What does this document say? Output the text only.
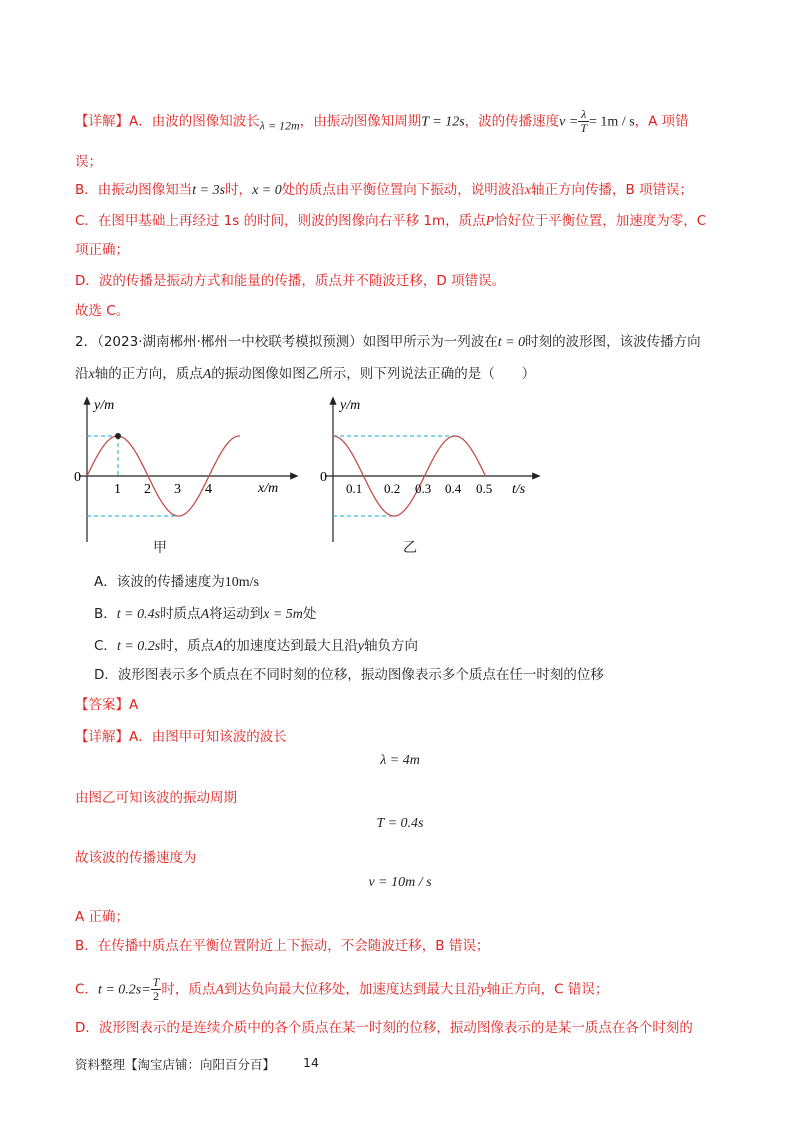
【详解】A．由波的图像知波长λ = 12m，由振动图像知周期T = 12s，波的传播速度$v = \frac{\lambda}{T} = 1m / s$，A 项错
误；
B．由振动图像知当t = 3s时，x = 0处的质点由平衡位置向下振动，说明波沿x轴正方向传播，B 项错误；
C．在图甲基础上再经过 1s 的时间，则波的图像向右平移 1m，质点P恰好位于平衡位置，加速度为零，C
项正确；
D．波的传播是振动方式和能量的传播，质点并不随波迁移，D 项错误。
故选 C。
2．（2023·湖南郴州·郴州一中校联考模拟预测）如图甲所示为一列波在t = 0时刻的波形图，该波传播方向
沿x轴的正方向，质点A的振动图像如图乙所示，则下列说法正确的是（　　）
y/m
0
1 2 3 4	x/m
甲
y/m
0
0.1 0.2 0.3 0.4 0.5 t/s
乙
A．该波的传播速度为10m/s
B．t = 0.4s时质点A将运动到x = 5m处
C．t = 0.2s时，质点A的加速度达到最大且沿y轴负方向
D．波形图表示多个质点在不同时刻的位移，振动图像表示多个质点在任一时刻的位移
【答案】A
【详解】A．由图甲可知该波的波长
λ = 4m
由图乙可知该波的振动周期
T = 0.4s
故该波的传播速度为
v = 10m / s
A 正确；
B．在传播中质点在平衡位置附近上下振动，不会随波迁移，B 错误；
C．$t = 0.2s= \frac{T}{2}$ 时，质点A到达负向最大位移处，加速度达到最大且沿y轴正方向，C 错误；
D．波形图表示的是连续介质中的各个质点在某一时刻的位移，振动图像表示的是某一质点在各个时刻的
资料整理【淘宝店铺：向阳百分百】 14
